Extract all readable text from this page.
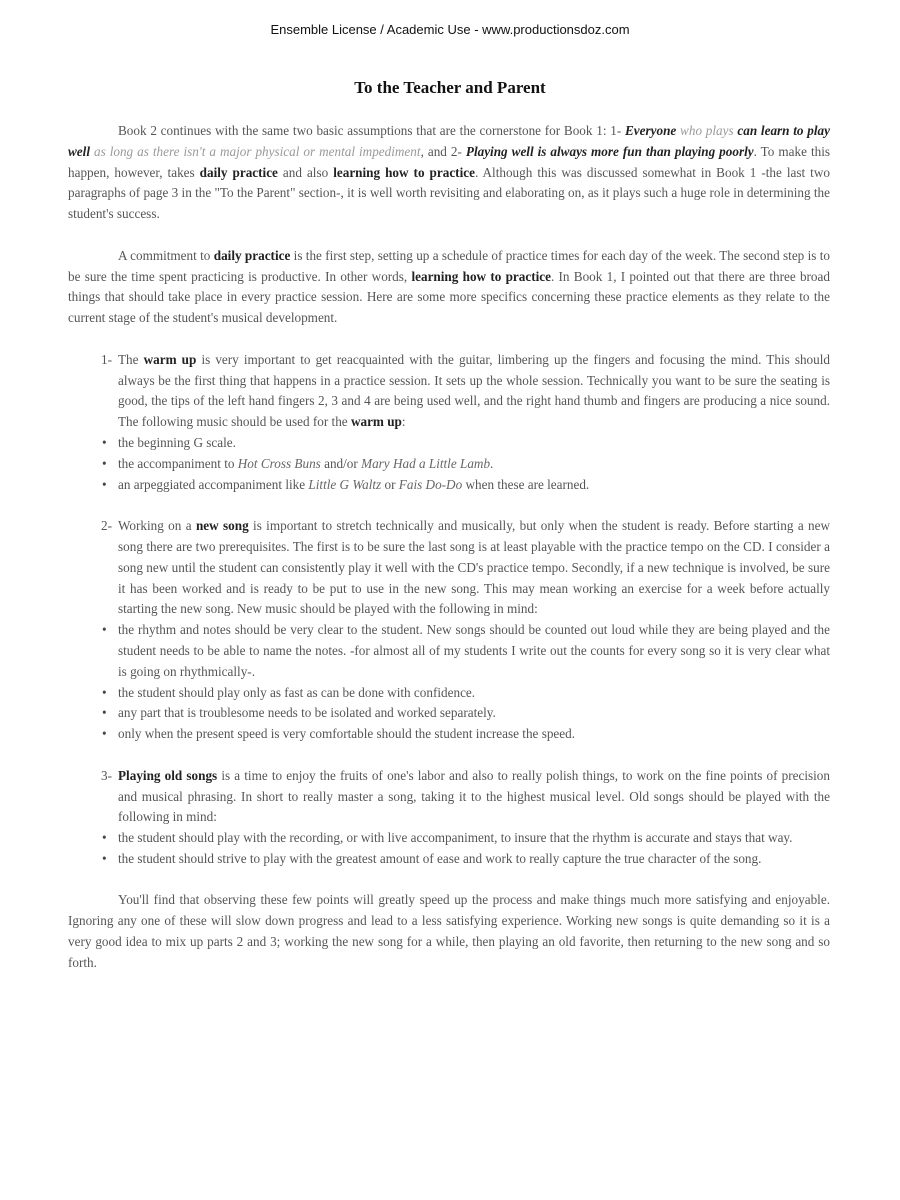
Ensemble License / Academic Use - www.productionsdoz.com
To the Teacher and Parent

Book 2 continues with the same two basic assumptions that are the cornerstone for Book 1: 1- Everyone who plays can learn to play well as long as there isn't a major physical or mental impediment, and 2- Playing well is always more fun than playing poorly. To make this happen, however, takes daily practice and also learning how to practice. Although this was discussed somewhat in Book 1 -the last two paragraphs of page 3 in the "To the Parent" section-, it is well worth revisiting and elaborating on, as it plays such a huge role in determining the student's success.

A commitment to daily practice is the first step, setting up a schedule of practice times for each day of the week. The second step is to be sure the time spent practicing is productive. In other words, learning how to practice. In Book 1, I pointed out that there are three broad things that should take place in every practice session. Here are some more specifics concerning these practice elements as they relate to the current stage of the student's musical development.

1- The warm up is very important to get reacquainted with the guitar, limbering up the fingers and focusing the mind. This should always be the first thing that happens in a practice session. It sets up the whole session. Technically you want to be sure the seating is good, the tips of the left hand fingers 2, 3 and 4 are being used well, and the right hand thumb and fingers are producing a nice sound. The following music should be used for the warm up:

• the beginning G scale.

• the accompaniment to Hot Cross Buns and/or Mary Had a Little Lamb.

• an arpeggiated accompaniment like Little G Waltz or Fais Do-Do when these are learned.

2- Working on a new song is important to stretch technically and musically, but only when the student is ready. Before starting a new song there are two prerequisites. The first is to be sure the last song is at least playable with the practice tempo on the CD. I consider a song new until the student can consistently play it well with the CD's practice tempo. Secondly, if a new technique is involved, be sure it has been worked and is ready to be put to use in the new song. This may mean working an exercise for a week before actually starting the new song. New music should be played with the following in mind:

• the rhythm and notes should be very clear to the student. New songs should be counted out loud while they are being played and the student needs to be able to name the notes. -for almost all of my students I write out the counts for every song so it is very clear what is going on rhythmically-.

• the student should play only as fast as can be done with confidence.

• any part that is troublesome needs to be isolated and worked separately.

• only when the present speed is very comfortable should the student increase the speed.

3- Playing old songs is a time to enjoy the fruits of one's labor and also to really polish things, to work on the fine points of precision and musical phrasing. In short to really master a song, taking it to the highest musical level. Old songs should be played with the following in mind:

• the student should play with the recording, or with live accompaniment, to insure that the rhythm is accurate and stays that way.

• the student should strive to play with the greatest amount of ease and work to really capture the true character of the song.

You'll find that observing these few points will greatly speed up the process and make things much more satisfying and enjoyable. Ignoring any one of these will slow down progress and lead to a less satisfying experience. Working new songs is quite demanding so it is a very good idea to mix up parts 2 and 3; working the new song for a while, then playing an old favorite, then returning to the new song and so forth.
